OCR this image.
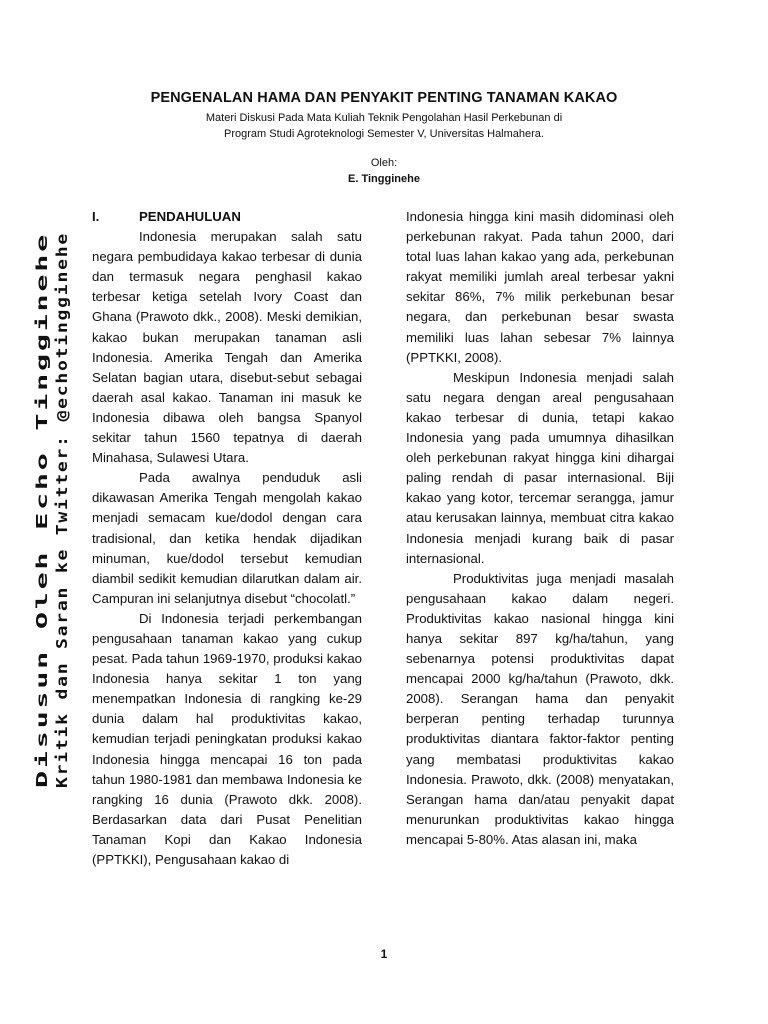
PENGENALAN HAMA DAN PENYAKIT PENTING TANAMAN KAKAO
Materi Diskusi Pada Mata Kuliah Teknik Pengolahan Hasil Perkebunan di
Program Studi Agroteknologi Semester V, Universitas Halmahera.
Oleh:
E. Tingginehe
Disusun Oleh Echo Tingginehe Kritik dan Saran ke Twitter: @echotingginehe
I.	PENDAHULUAN

Indonesia merupakan salah satu negara pembudidaya kakao terbesar di dunia dan termasuk negara penghasil kakao terbesar ketiga setelah Ivory Coast dan Ghana (Prawoto dkk., 2008). Meski demikian, kakao bukan merupakan tanaman asli Indonesia. Amerika Tengah dan Amerika Selatan bagian utara, disebut-sebut sebagai daerah asal kakao. Tanaman ini masuk ke Indonesia dibawa oleh bangsa Spanyol sekitar tahun 1560 tepatnya di daerah Minahasa, Sulawesi Utara.

Pada awalnya penduduk asli dikawasan Amerika Tengah mengolah kakao menjadi semacam kue/dodol dengan cara tradisional, dan ketika hendak dijadikan minuman, kue/dodol tersebut kemudian diambil sedikit kemudian dilarutkan dalam air. Campuran ini selanjutnya disebut “chocolatl.”

Di Indonesia terjadi perkembangan pengusahaan tanaman kakao yang cukup pesat. Pada tahun 1969-1970, produksi kakao Indonesia hanya sekitar 1 ton yang menempatkan Indonesia di rangking ke-29 dunia dalam hal produktivitas kakao, kemudian terjadi peningkatan produksi kakao Indonesia hingga mencapai 16 ton pada tahun 1980-1981 dan membawa Indonesia ke rangking 16 dunia (Prawoto dkk. 2008). Berdasarkan data dari Pusat Penelitian Tanaman Kopi dan Kakao Indonesia (PPTKKI), Pengusahaan kakao di

Indonesia hingga kini masih didominasi oleh perkebunan rakyat. Pada tahun 2000, dari total luas lahan kakao yang ada, perkebunan rakyat memiliki jumlah areal terbesar yakni sekitar 86%, 7% milik perkebunan besar negara, dan perkebunan besar swasta memiliki luas lahan sebesar 7% lainnya (PPTKKI, 2008).

Meskipun Indonesia menjadi salah satu negara dengan areal pengusahaan kakao terbesar di dunia, tetapi kakao Indonesia yang pada umumnya dihasilkan oleh perkebunan rakyat hingga kini dihargai paling rendah di pasar internasional. Biji kakao yang kotor, tercemar serangga, jamur atau kerusakan lainnya, membuat citra kakao Indonesia menjadi kurang baik di pasar internasional.

Produktivitas juga menjadi masalah pengusahaan kakao dalam negeri. Produktivitas kakao nasional hingga kini hanya sekitar 897 kg/ha/tahun, yang sebenarnya potensi produktivitas dapat mencapai 2000 kg/ha/tahun (Prawoto, dkk. 2008). Serangan hama dan penyakit berperan penting terhadap turunnya produktivitas diantara faktor-faktor penting yang membatasi produktivitas kakao Indonesia. Prawoto, dkk. (2008) menyatakan, Serangan hama dan/atau penyakit dapat menurunkan produktivitas kakao hingga mencapai 5-80%. Atas alasan ini, maka

1
